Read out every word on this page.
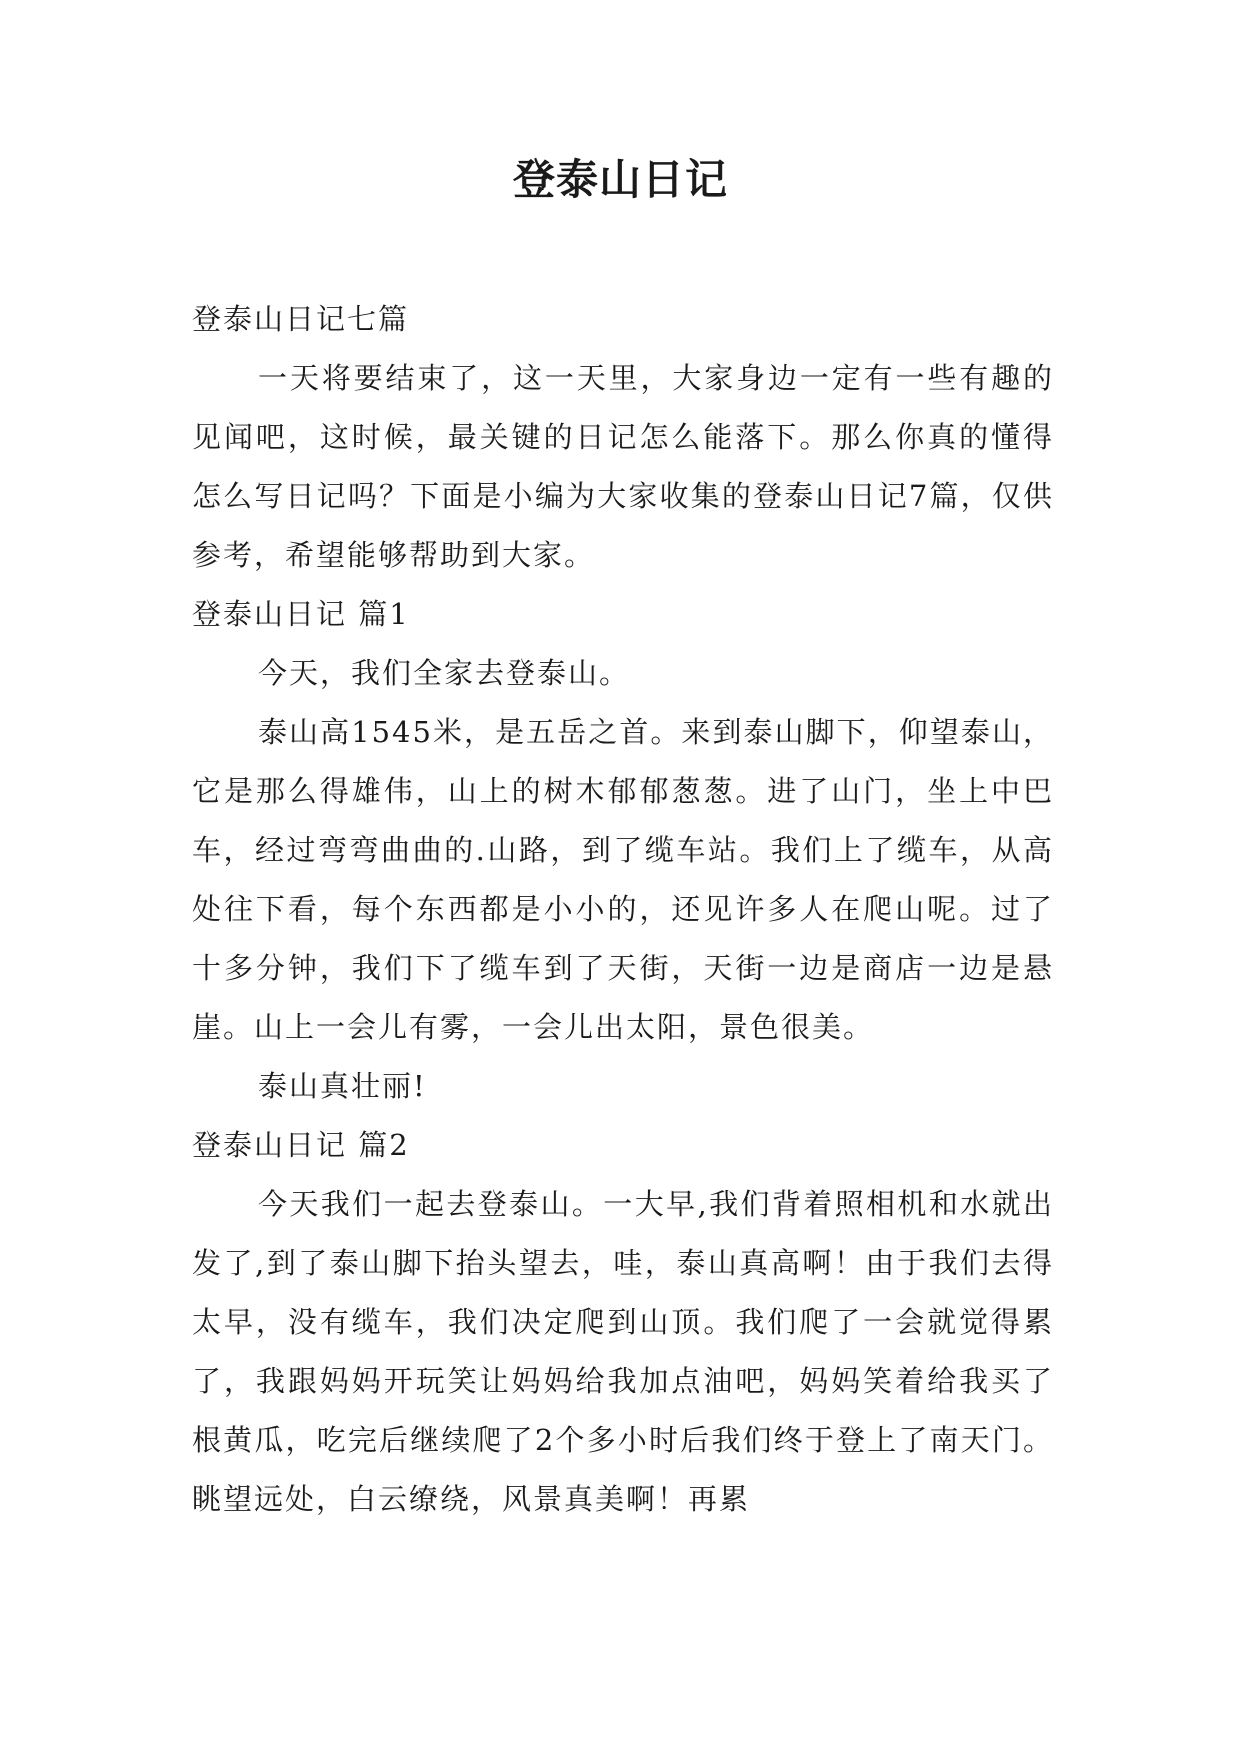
登泰山日记

登泰山日记七篇

一天将要结束了，这一天里，大家身边一定有一些有趣的见闻吧，这时候，最关键的日记怎么能落下。那么你真的懂得怎么写日记吗？下面是小编为大家收集的登泰山日记7篇，仅供参考，希望能够帮助到大家。

登泰山日记 篇1

今天，我们全家去登泰山。

泰山高1545米，是五岳之首。来到泰山脚下，仰望泰山，它是那么得雄伟，山上的树木郁郁葱葱。进了山门，坐上中巴车，经过弯弯曲曲的.山路，到了缆车站。我们上了缆车，从高处往下看，每个东西都是小小的，还见许多人在爬山呢。过了十多分钟，我们下了缆车到了天街，天街一边是商店一边是悬崖。山上一会儿有雾，一会儿出太阳，景色很美。

泰山真壮丽!

登泰山日记 篇2

今天我们一起去登泰山。一大早,我们背着照相机和水就出发了,到了泰山脚下抬头望去，哇，泰山真高啊！由于我们去得太早，没有缆车，我们决定爬到山顶。我们爬了一会就觉得累了，我跟妈妈开玩笑让妈妈给我加点油吧，妈妈笑着给我买了根黄瓜，吃完后继续爬了2个多小时后我们终于登上了南天门。眺望远处，白云缭绕，风景真美啊！再累
